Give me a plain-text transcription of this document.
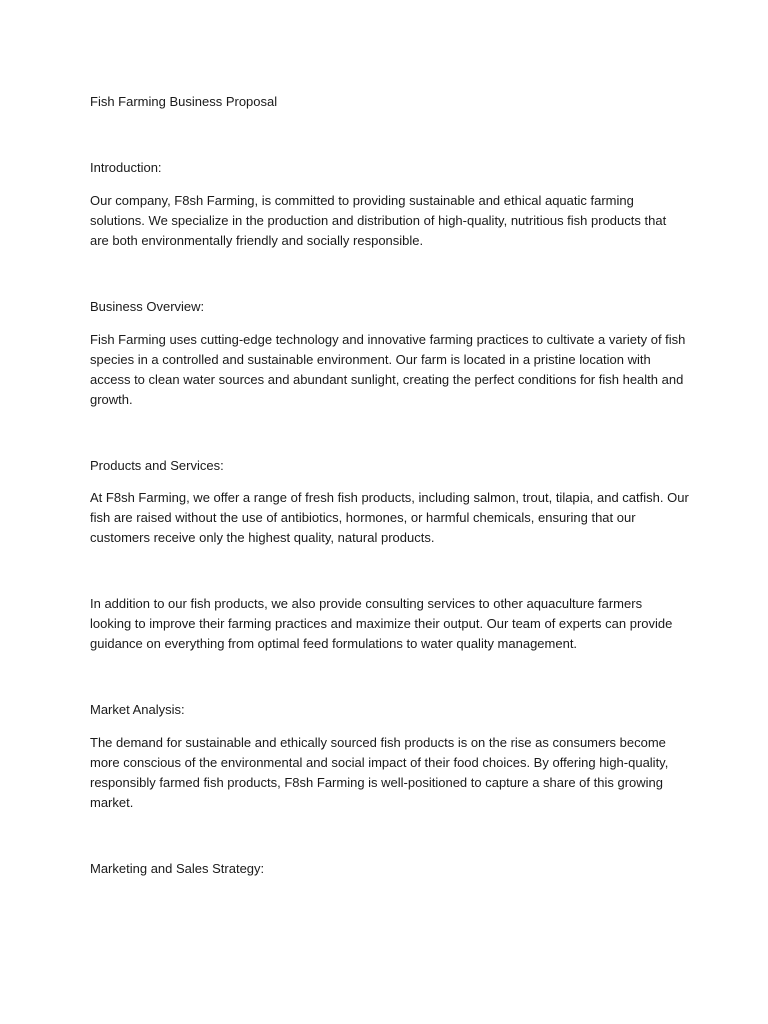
Fish Farming Business Proposal

Introduction:

Our company, F8sh Farming, is committed to providing sustainable and ethical aquatic farming
solutions. We specialize in the production and distribution of high-quality, nutritious fish products that
are both environmentally friendly and socially responsible.

Business Overview:

Fish Farming uses cutting-edge technology and innovative farming practices to cultivate a variety of fish
species in a controlled and sustainable environment. Our farm is located in a pristine location with
access to clean water sources and abundant sunlight, creating the perfect conditions for fish health and
growth.

Products and Services:

At F8sh Farming, we offer a range of fresh fish products, including salmon, trout, tilapia, and catfish. Our
fish are raised without the use of antibiotics, hormones, or harmful chemicals, ensuring that our
customers receive only the highest quality, natural products.

In addition to our fish products, we also provide consulting services to other aquaculture farmers
looking to improve their farming practices and maximize their output. Our team of experts can provide
guidance on everything from optimal feed formulations to water quality management.

Market Analysis:

The demand for sustainable and ethically sourced fish products is on the rise as consumers become
more conscious of the environmental and social impact of their food choices. By offering high-quality,
responsibly farmed fish products, F8sh Farming is well-positioned to capture a share of this growing
market.

Marketing and Sales Strategy:
